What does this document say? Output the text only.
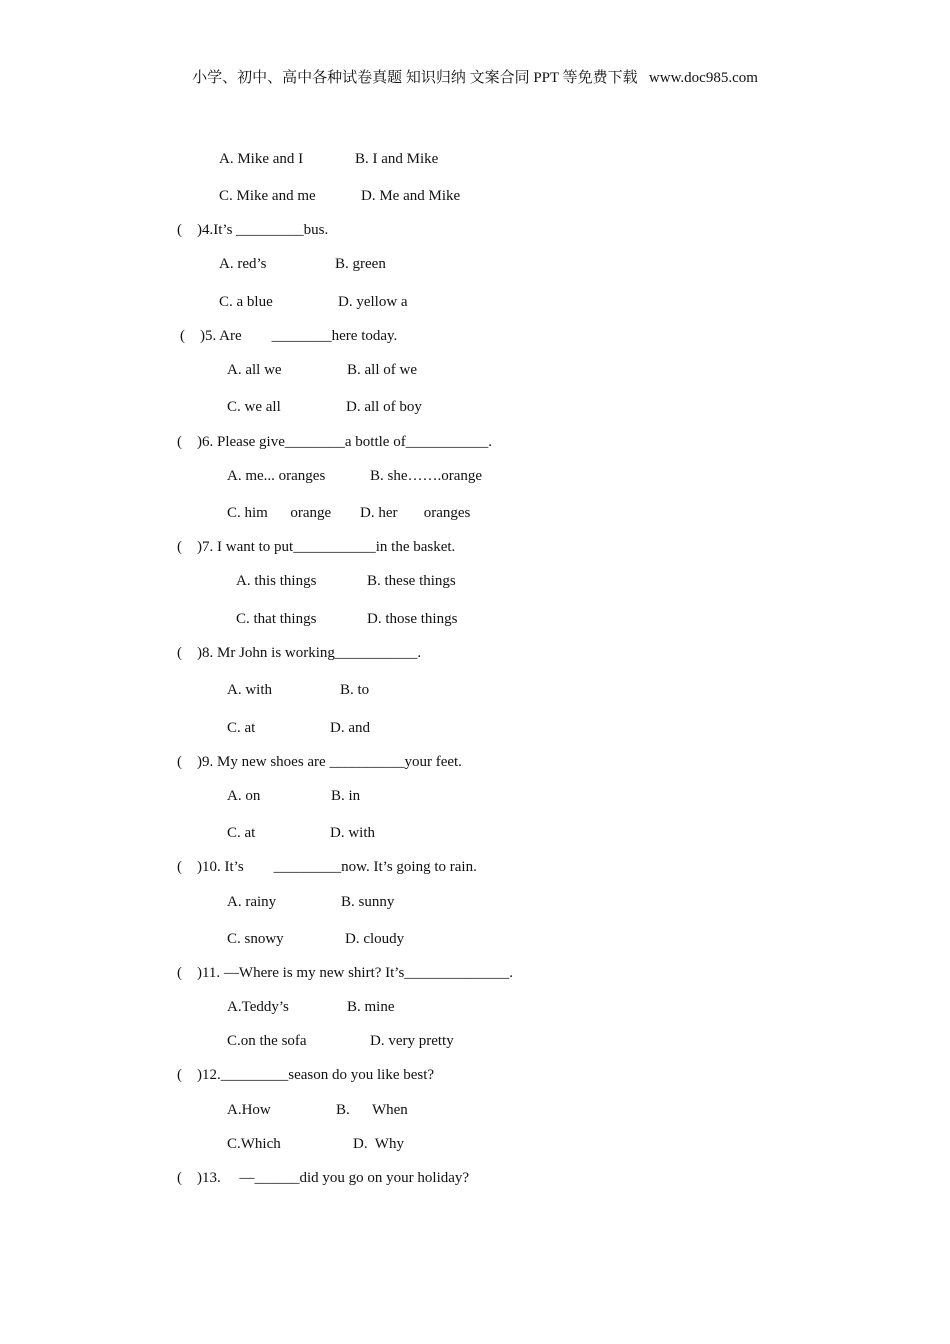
小学、初中、高中各种试卷真题 知识归纳 文案合同 PPT 等免费下载   www.doc985.com
A. Mike and I	B. I and Mike
C. Mike and me	D. Me and Mike
(    )4.It’s _________bus.
A. red’s	B. green
C. a blue	D. yellow a
(    )5. Are        ________here today.
A. all we	B. all of we
C. we all	D. all of boy
(    )6. Please give________a bottle of___________.
A. me... oranges	B. she…….orange
C. him      orange D. her       oranges
(    )7. I want to put___________in the basket.
A. this things	B. these things
C. that things	D. those things
(    )8. Mr John is working___________.
A. with	B. to
C. at	D. and
(    )9. My new shoes are __________your feet.
A. on	B. in
C. at	D. with
(    )10. It’s        _________now. It’s going to rain.
A. rainy	B. sunny
C. snowy	D. cloudy
(    )11. —Where is my new shirt? It’s______________.
A.Teddy’s	B. mine
C.on the sofa	D. very pretty
(    )12._________season do you like best?
A.How	B.      When
C.Which	D.  Why
(    )13.     —______did you go on your holiday?
